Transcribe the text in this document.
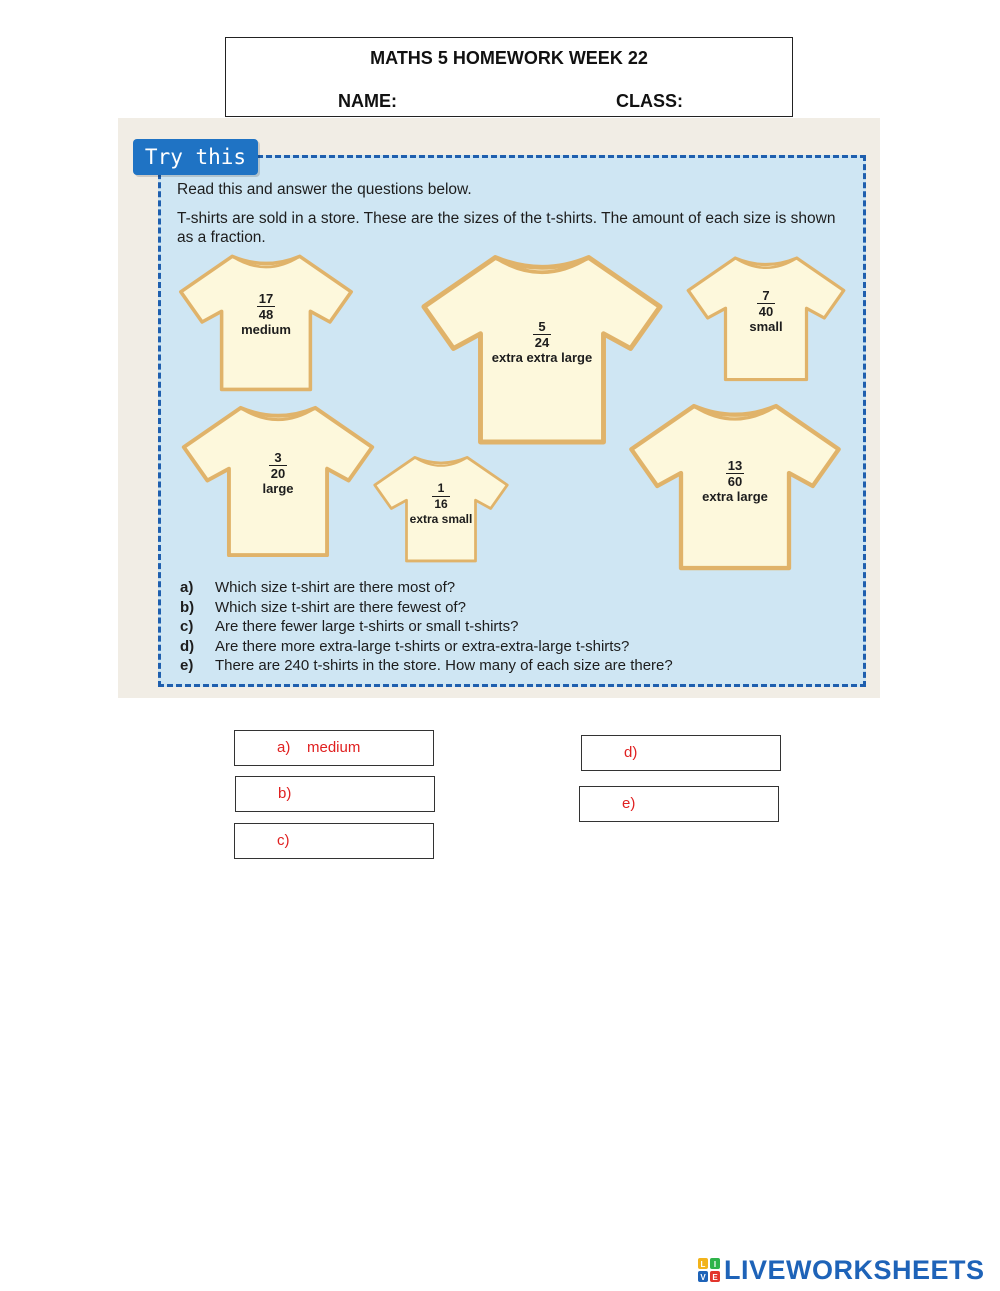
MATHS 5 HOMEWORK WEEK 22
NAME:	CLASS:
Try this
Read this and answer the questions below.
T-shirts are sold in a store. These are the sizes of the t-shirts. The amount of each size is shown as a fraction.
$\frac{17}{48}$

medium	$\frac{5}{24}$

extra extra large
$\frac{7}{40}$

small
$\frac{3}{20}$

large	$\frac{1}{16}$

extra small
$\frac{13}{60}$

extra large
a)	Which size t-shirt are there most of?
b)	Which size t-shirt are there fewest of?
c)	Are there fewer large t-shirts or small t-shirts?
d)	Are there more extra-large t-shirts or extra-extra-large t-shirts?
e)	There are 240 t-shirts in the store. How many of each size are there?
a) medium
b)
c)
d)
e)
L I
V E LIVEWORKSHEETS
